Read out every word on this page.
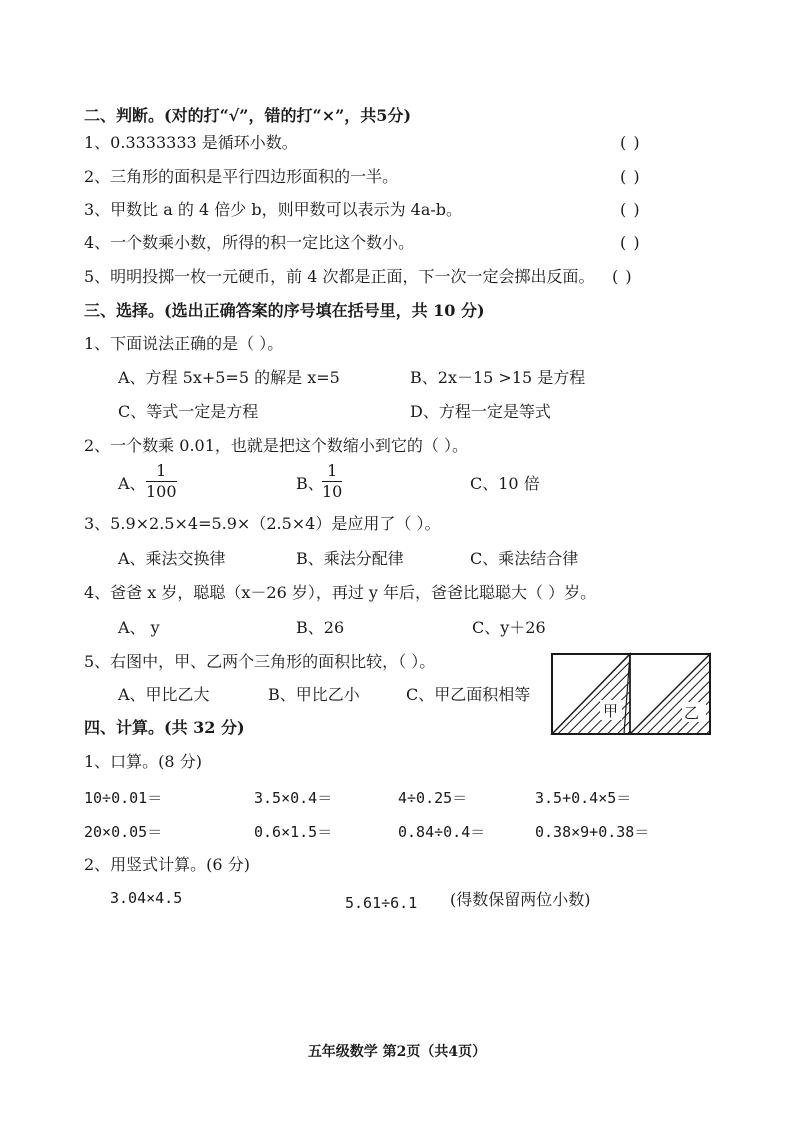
二、判断。(对的打“√”，错的打“×”，共5分)
1、0.3333333 是循环小数。	( )
2、三角形的面积是平行四边形面积的一半。	( )
3、甲数比 a 的 4 倍少 b，则甲数可以表示为 4a-b。	( )
4、一个数乘小数，所得的积一定比这个数小。	( )
5、明明投掷一枚一元硬币，前 4 次都是正面，下一次一定会掷出反面。 ( )
三、选择。(选出正确答案的序号填在括号里，共 10 分)
1、下面说法正确的是（ ）。
A、方程 5x+5=5 的解是 x=5	B、2x－15 >15 是方程
C、等式一定是方程	D、方程一定是等式
2、一个数乘 0.01，也就是把这个数缩小到它的（ ）。
A、
1
100	B、
1
10	C、10 倍
3、5.9×2.5×4=5.9×（2.5×4）是应用了（ ）。
A、乘法交换律	B、乘法分配律	C、乘法结合律
4、爸爸 x 岁，聪聪（x－26 岁），再过 y 年后，爸爸比聪聪大（ ）岁。
A、 y	B、26	C、y＋26
5、右图中，甲、乙两个三角形的面积比较，（ ）。
A、甲比乙大	B、甲比乙小	C、甲乙面积相等
甲	乙
四、计算。(共 32 分)
1、口算。(8 分)
10÷0.01＝	3.5×0.4＝	4÷0.25＝	3.5+0.4×5＝
20×0.05＝	0.6×1.5＝	0.84÷0.4＝	0.38×9+0.38＝
2、用竖式计算。(6 分)
3.04×4.5	5.61÷6.1 (得数保留两位小数)
五年级数学 第2页（共4页）
